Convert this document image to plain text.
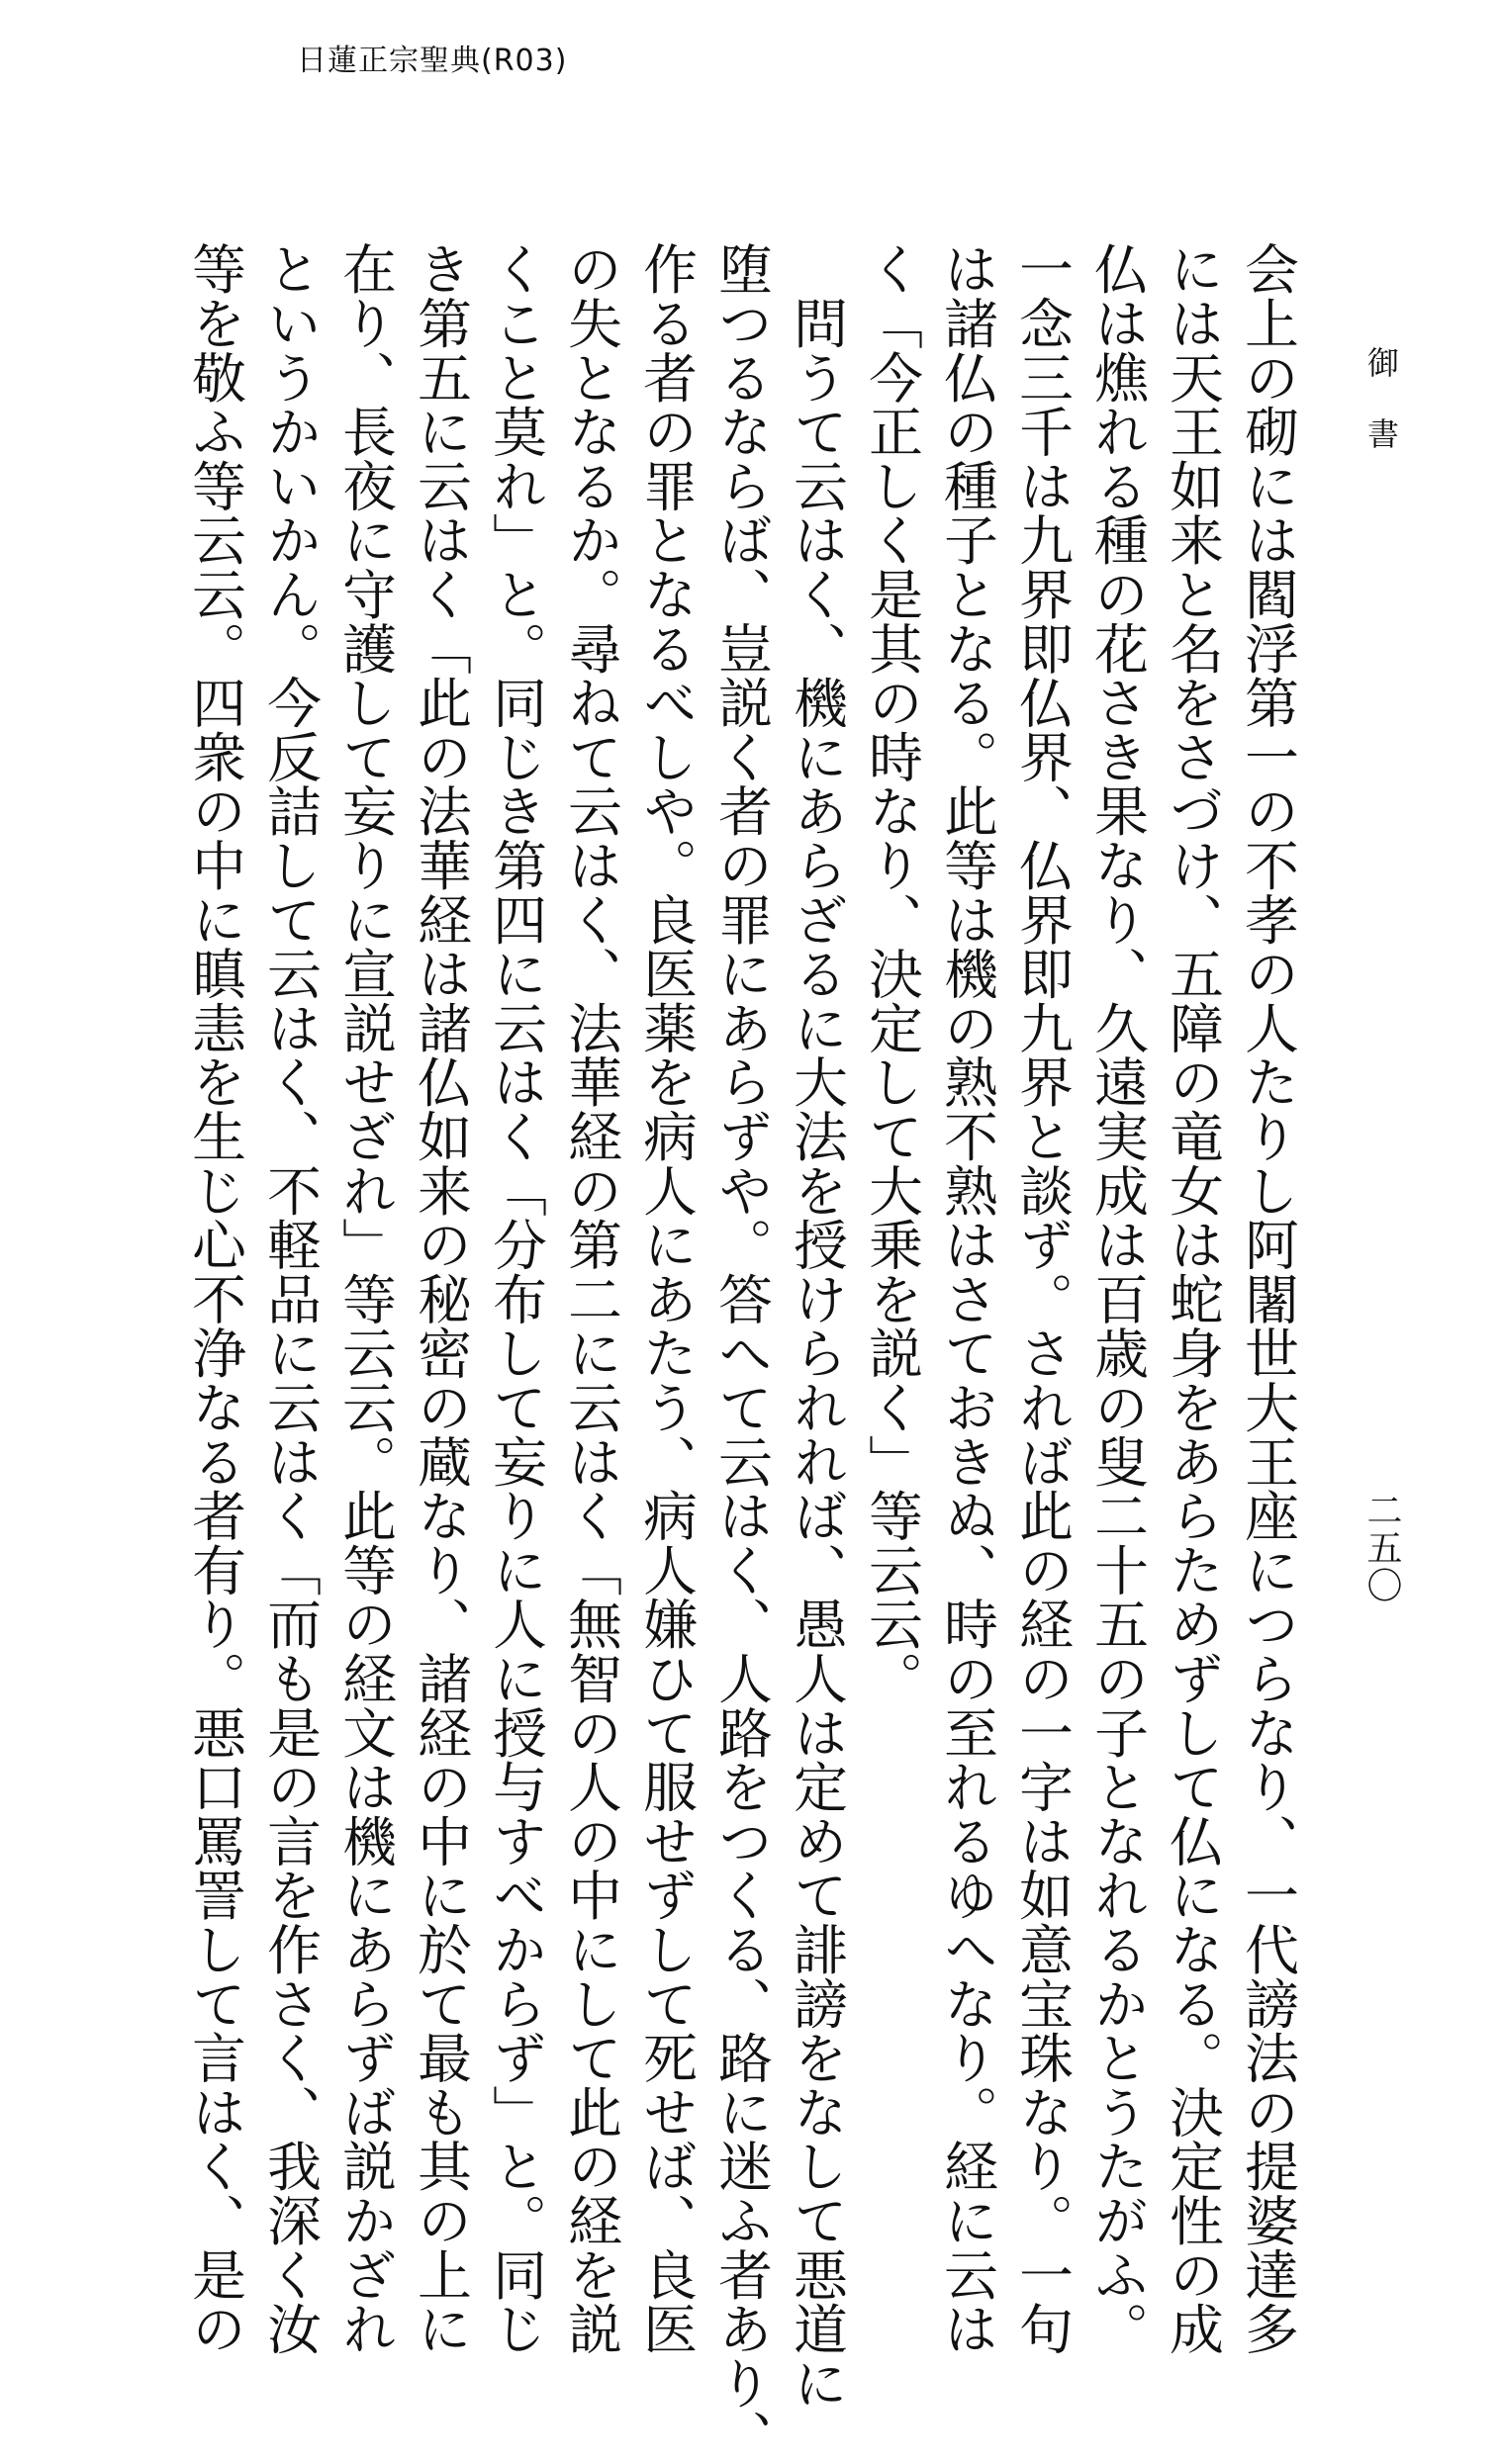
日蓮正宗聖典(R03)
御書
二五〇
会上の砌には閻浮第一の不孝の人たりし阿闍世大王座につらなり、一代謗法の提婆達多
には天王如来と名をさづけ、五障の竜女は蛇身をあらためずして仏になる。決定性の成
仏は燋れる種の花さき果なり、久遠実成は百歳の叟二十五の子となれるかとうたがふ。
一念三千は九界即仏界、仏界即九界と談ず。されば此の経の一字は如意宝珠なり。一句
は諸仏の種子となる。此等は機の熟不熟はさておきぬ、時の至れるゆへなり。経に云は
く「今正しく是其の時なり、決定して大乗を説く」等云云。
　問うて云はく、機にあらざるに大法を授けられれば、愚人は定めて誹謗をなして悪道に
堕つるならば、豈説く者の罪にあらずや。答へて云はく、人路をつくる、路に迷ふ者あり、
作る者の罪となるべしや。良医薬を病人にあたう、病人嫌ひて服せずして死せば、良医
の失となるか。尋ねて云はく、法華経の第二に云はく「無智の人の中にして此の経を説
くこと莫れ」と。同じき第四に云はく「分布して妄りに人に授与すべからず」と。同じ
き第五に云はく「此の法華経は諸仏如来の秘密の蔵なり、諸経の中に於て最も其の上に
在り、長夜に守護して妄りに宣説せざれ」等云云。此等の経文は機にあらずば説かざれ
というかいかん。今反詰して云はく、不軽品に云はく「而も是の言を作さく、我深く汝
等を敬ふ等云云。四衆の中に瞋恚を生じ心不浄なる者有り。悪口罵詈して言はく、是の
